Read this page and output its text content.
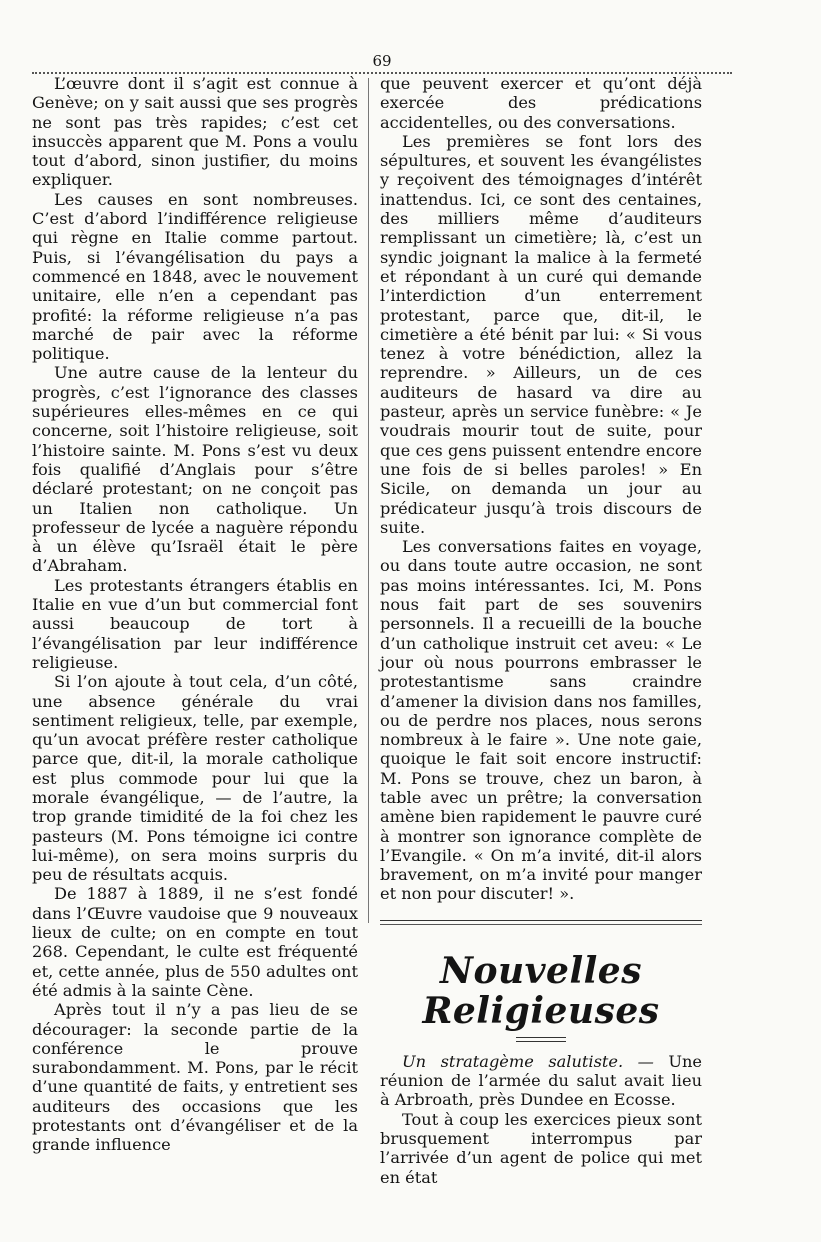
69

L’œuvre dont il s’agit est connue à Genève; on y sait aussi que ses progrès ne sont pas très rapides; c’est cet insuccès apparent que M. Pons a voulu tout d’abord, sinon justifier, du moins expliquer.

Les causes en sont nombreuses. C’est d’abord l’indifférence religieuse qui règne en Italie comme partout. Puis, si l’évangélisation du pays a commencé en 1848, avec le nouvement unitaire, elle n’en a cependant pas profité: la réforme religieuse n’a pas marché de pair avec la réforme politique.

Une autre cause de la lenteur du progrès, c’est l’ignorance des classes supérieures elles-mêmes en ce qui concerne, soit l’histoire religieuse, soit l’histoire sainte. M. Pons s’est vu deux fois qualifié d’Anglais pour s’être déclaré protestant; on ne conçoit pas un Italien non catholique. Un professeur de lycée a naguère répondu à un élève qu’Israël était le père d’Abraham.

Les protestants étrangers établis en Italie en vue d’un but commercial font aussi beaucoup de tort à l’évangélisation par leur indifférence religieuse.

Si l’on ajoute à tout cela, d’un côté, une absence générale du vrai sentiment religieux, telle, par exemple, qu’un avocat préfère rester catholique parce que, dit-il, la morale catholique est plus commode pour lui que la morale évangélique, — de l’autre, la trop grande timidité de la foi chez les pasteurs (M. Pons témoigne ici contre lui-même), on sera moins surpris du peu de résultats acquis.

De 1887 à 1889, il ne s’est fondé dans l’Œuvre vaudoise que 9 nouveaux lieux de culte; on en compte en tout 268. Cependant, le culte est fréquenté et, cette année, plus de 550 adultes ont été admis à la sainte Cène.

Après tout il n’y a pas lieu de se décourager: la seconde partie de la conférence le prouve surabondamment. M. Pons, par le récit d’une quantité de faits, y entretient ses auditeurs des occasions que les protestants ont d’évangéliser et de la grande influence

que peuvent exercer et qu’ont déjà exercée des prédications accidentelles, ou des conversations.

Les premières se font lors des sépultures, et souvent les évangélistes y reçoivent des témoignages d’intérêt inattendus. Ici, ce sont des centaines, des milliers même d’auditeurs remplissant un cimetière; là, c’est un syndic joignant la malice à la fermeté et répondant à un curé qui demande l’interdiction d’un enterrement protestant, parce que, dit-il, le cimetière a été bénit par lui: « Si vous tenez à votre bénédiction, allez la reprendre. » Ailleurs, un de ces auditeurs de hasard va dire au pasteur, après un service funèbre: « Je voudrais mourir tout de suite, pour que ces gens puissent entendre encore une fois de si belles paroles! » En Sicile, on demanda un jour au prédicateur jusqu’à trois discours de suite.

Les conversations faites en voyage, ou dans toute autre occasion, ne sont pas moins intéressantes. Ici, M. Pons nous fait part de ses souvenirs personnels. Il a recueilli de la bouche d’un catholique instruit cet aveu: « Le jour où nous pourrons embrasser le protestantisme sans craindre d’amener la division dans nos familles, ou de perdre nos places, nous serons nombreux à le faire ». Une note gaie, quoique le fait soit encore instructif: M. Pons se trouve, chez un baron, à table avec un prêtre; la conversation amène bien rapidement le pauvre curé à montrer son ignorance complète de l’Evangile. « On m’a invité, dit-il alors bravement, on m’a invité pour manger et non pour discuter! ».

Nouvelles Religieuses

Un stratagème salutiste. — Une réunion de l’armée du salut avait lieu à Arbroath, près Dundee en Ecosse.

Tout à coup les exercices pieux sont brusquement interrompus par l’arrivée d’un agent de police qui met en état
